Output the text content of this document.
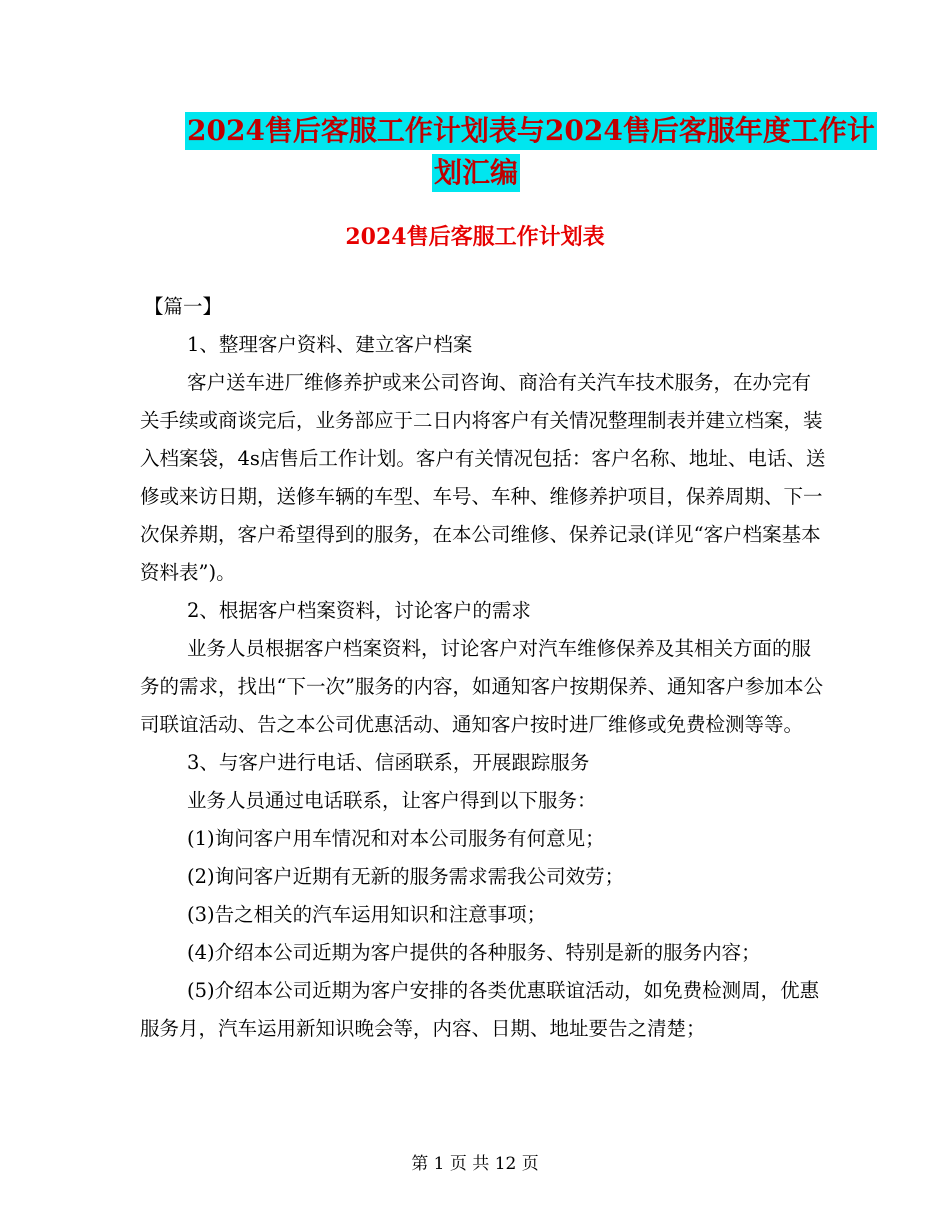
2024售后客服工作计划表与2024售后客服年度工作计
划汇编
2024售后客服工作计划表

【篇一】

1、整理客户资料、建立客户档案

客户送车进厂维修养护或来公司咨询、商洽有关汽车技术服务，在办完有关手续或商谈完后，业务部应于二日内将客户有关情况整理制表并建立档案，装入档案袋，4s店售后工作计划。客户有关情况包括：客户名称、地址、电话、送修或来访日期，送修车辆的车型、车号、车种、维修养护项目，保养周期、下一次保养期，客户希望得到的服务，在本公司维修、保养记录(详见“客户档案基本资料表”)。

2、根据客户档案资料，讨论客户的需求

业务人员根据客户档案资料，讨论客户对汽车维修保养及其相关方面的服务的需求，找出“下一次”服务的内容，如通知客户按期保养、通知客户参加本公司联谊活动、告之本公司优惠活动、通知客户按时进厂维修或免费检测等等。

3、与客户进行电话、信函联系，开展跟踪服务

业务人员通过电话联系，让客户得到以下服务：

(1)询问客户用车情况和对本公司服务有何意见；

(2)询问客户近期有无新的服务需求需我公司效劳；

(3)告之相关的汽车运用知识和注意事项；

(4)介绍本公司近期为客户提供的各种服务、特别是新的服务内容；

(5)介绍本公司近期为客户安排的各类优惠联谊活动，如免费检测周，优惠服务月，汽车运用新知识晚会等，内容、日期、地址要告之清楚；

第 1 页 共 12 页
